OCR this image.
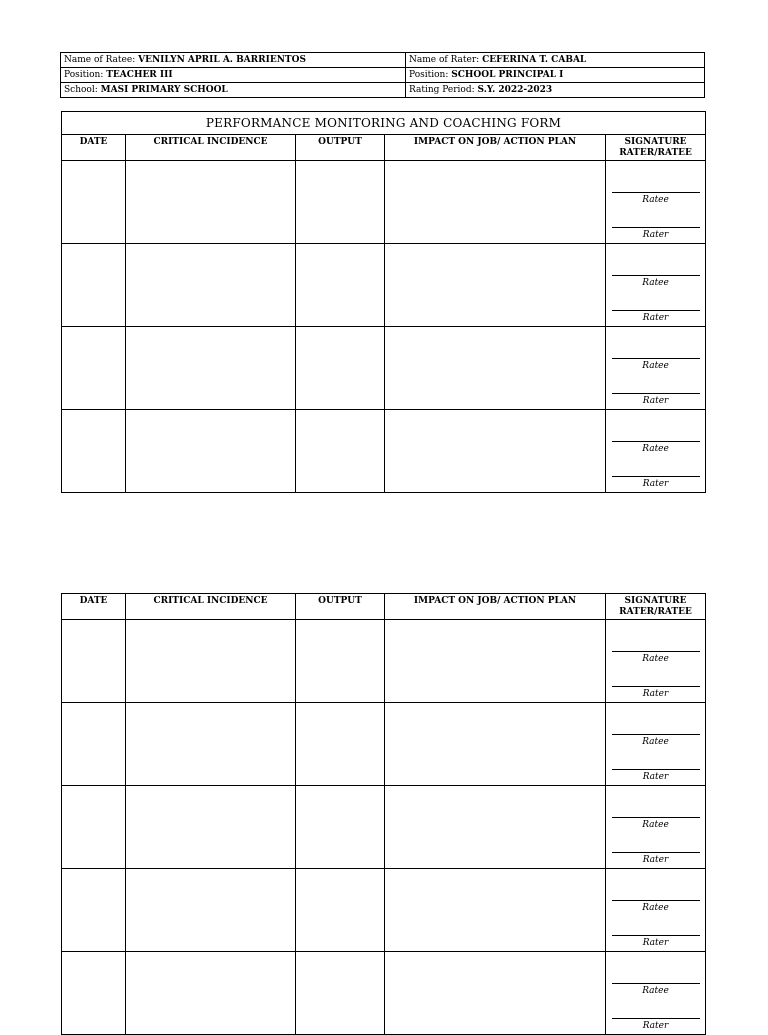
Name of Ratee: VENILYN APRIL A. BARRIENTOS	Name of Rater: CEFERINA T. CABAL
Position: TEACHER III	Position: SCHOOL PRINCIPAL I
School: MASI PRIMARY SCHOOL	Rating Period: S.Y. 2022-2023
PERFORMANCE MONITORING AND COACHING FORM				
DATE	CRITICAL INCIDENCE	OUTPUT	IMPACT ON JOB/ ACTION PLAN	SIGNATURE
RATER/RATEE

				Ratee
Rater

				Ratee
Rater

				Ratee
Rater

				Ratee
Rater
DATE	CRITICAL INCIDENCE	OUTPUT	IMPACT ON JOB/ ACTION PLAN	SIGNATURE
RATER/RATEE

				Ratee
Rater

				Ratee
Rater

				Ratee
Rater

				Ratee
Rater

				Ratee
Rater
